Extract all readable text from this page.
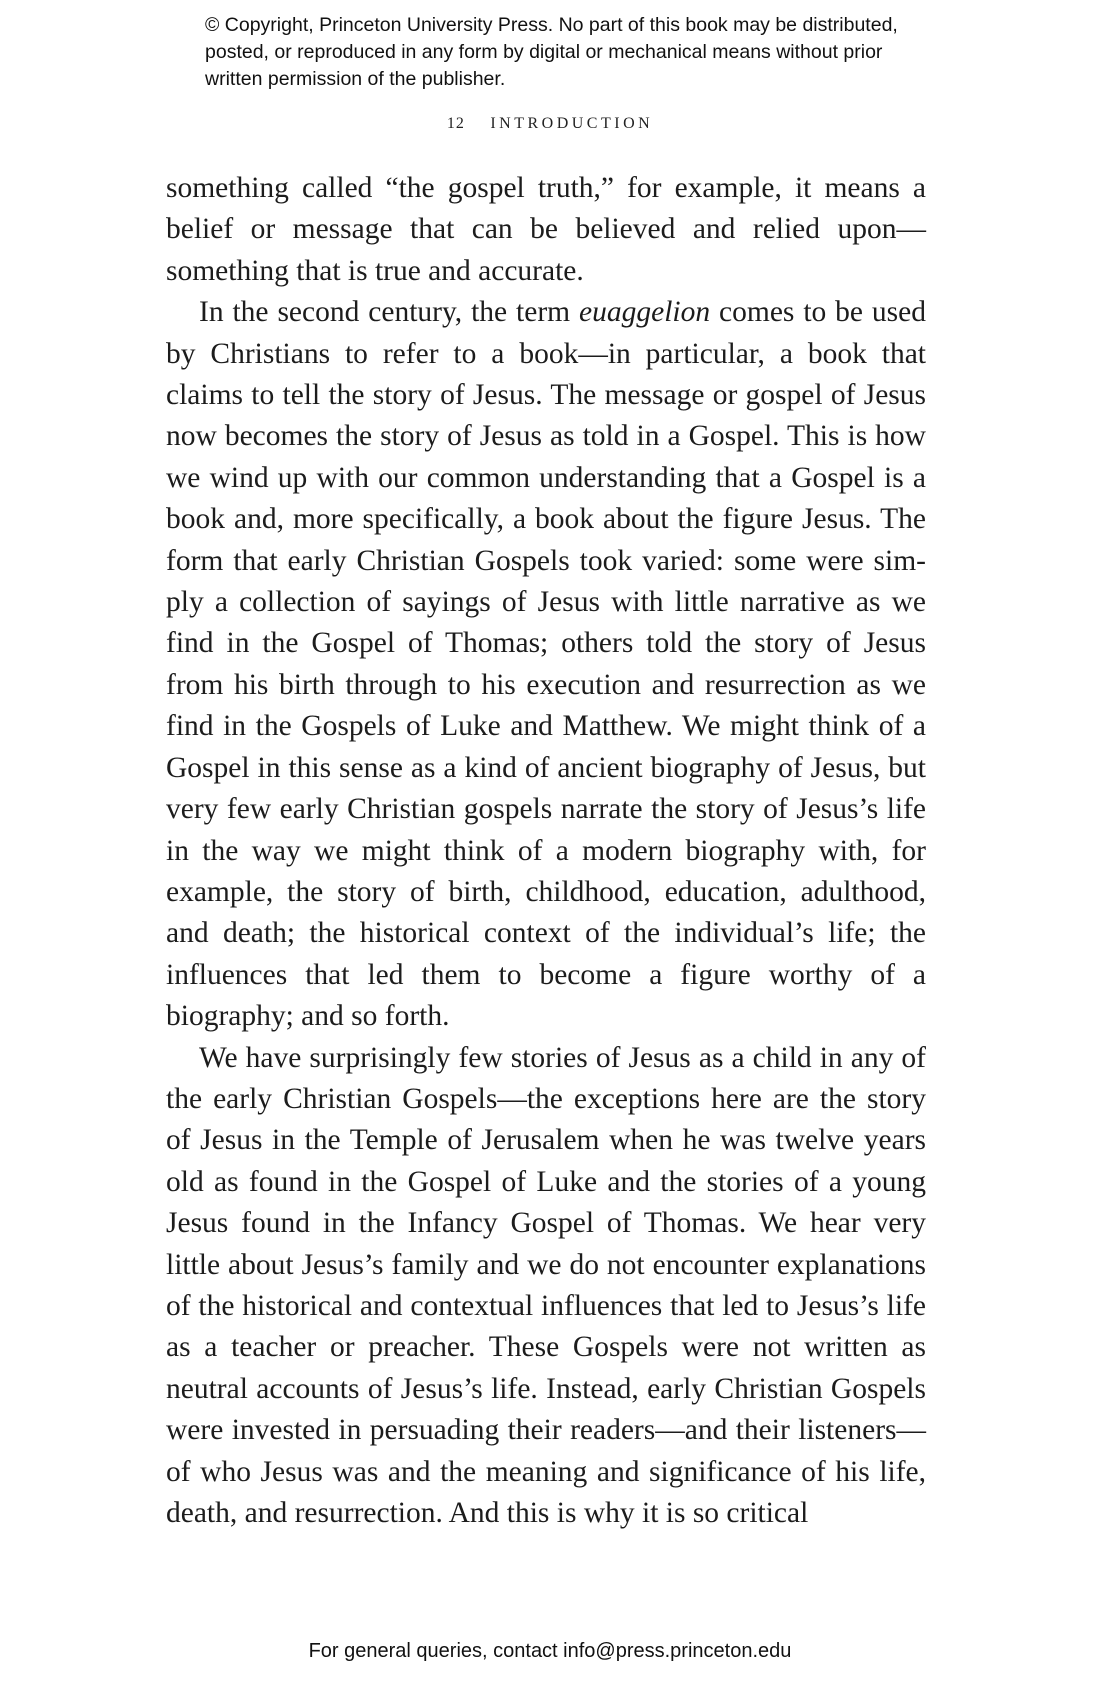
© Copyright, Princeton University Press. No part of this book may be distributed, posted, or reproduced in any form by digital or mechanical means without prior written permission of the publisher.
12 INTRODUCTION

something called “the gospel truth,” for example, it means a belief or message that can be believed and relied upon—something that is true and accurate.

In the second century, the term euaggelion comes to be used by Christians to refer to a book—in particular, a book that claims to tell the story of Jesus. The message or gospel of Jesus now becomes the story of Jesus as told in a Gospel. This is how we wind up with our common understanding that a Gospel is a book and, more specifically, a book about the figure Jesus. The form that early Christian Gospels took varied: some were simply a collection of sayings of Jesus with little narrative as we find in the Gospel of Thomas; others told the story of Jesus from his birth through to his execution and resurrection as we find in the Gospels of Luke and Matthew. We might think of a Gospel in this sense as a kind of ancient biography of Jesus, but very few early Christian gospels narrate the story of Jesus’s life in the way we might think of a modern biography with, for example, the story of birth, childhood, education, adulthood, and death; the historical context of the individual’s life; the influences that led them to become a figure worthy of a biography; and so forth.

We have surprisingly few stories of Jesus as a child in any of the early Christian Gospels—the exceptions here are the story of Jesus in the Temple of Jerusalem when he was twelve years old as found in the Gospel of Luke and the stories of a young Jesus found in the Infancy Gospel of Thomas. We hear very little about Jesus’s family and we do not encounter explanations of the historical and contextual influences that led to Jesus’s life as a teacher or preacher. These Gospels were not written as neutral accounts of Jesus’s life. Instead, early Christian Gospels were invested in persuading their readers—and their listeners—of who Jesus was and the meaning and significance of his life, death, and resurrection. And this is why it is so critical

For general queries, contact info@press.princeton.edu
